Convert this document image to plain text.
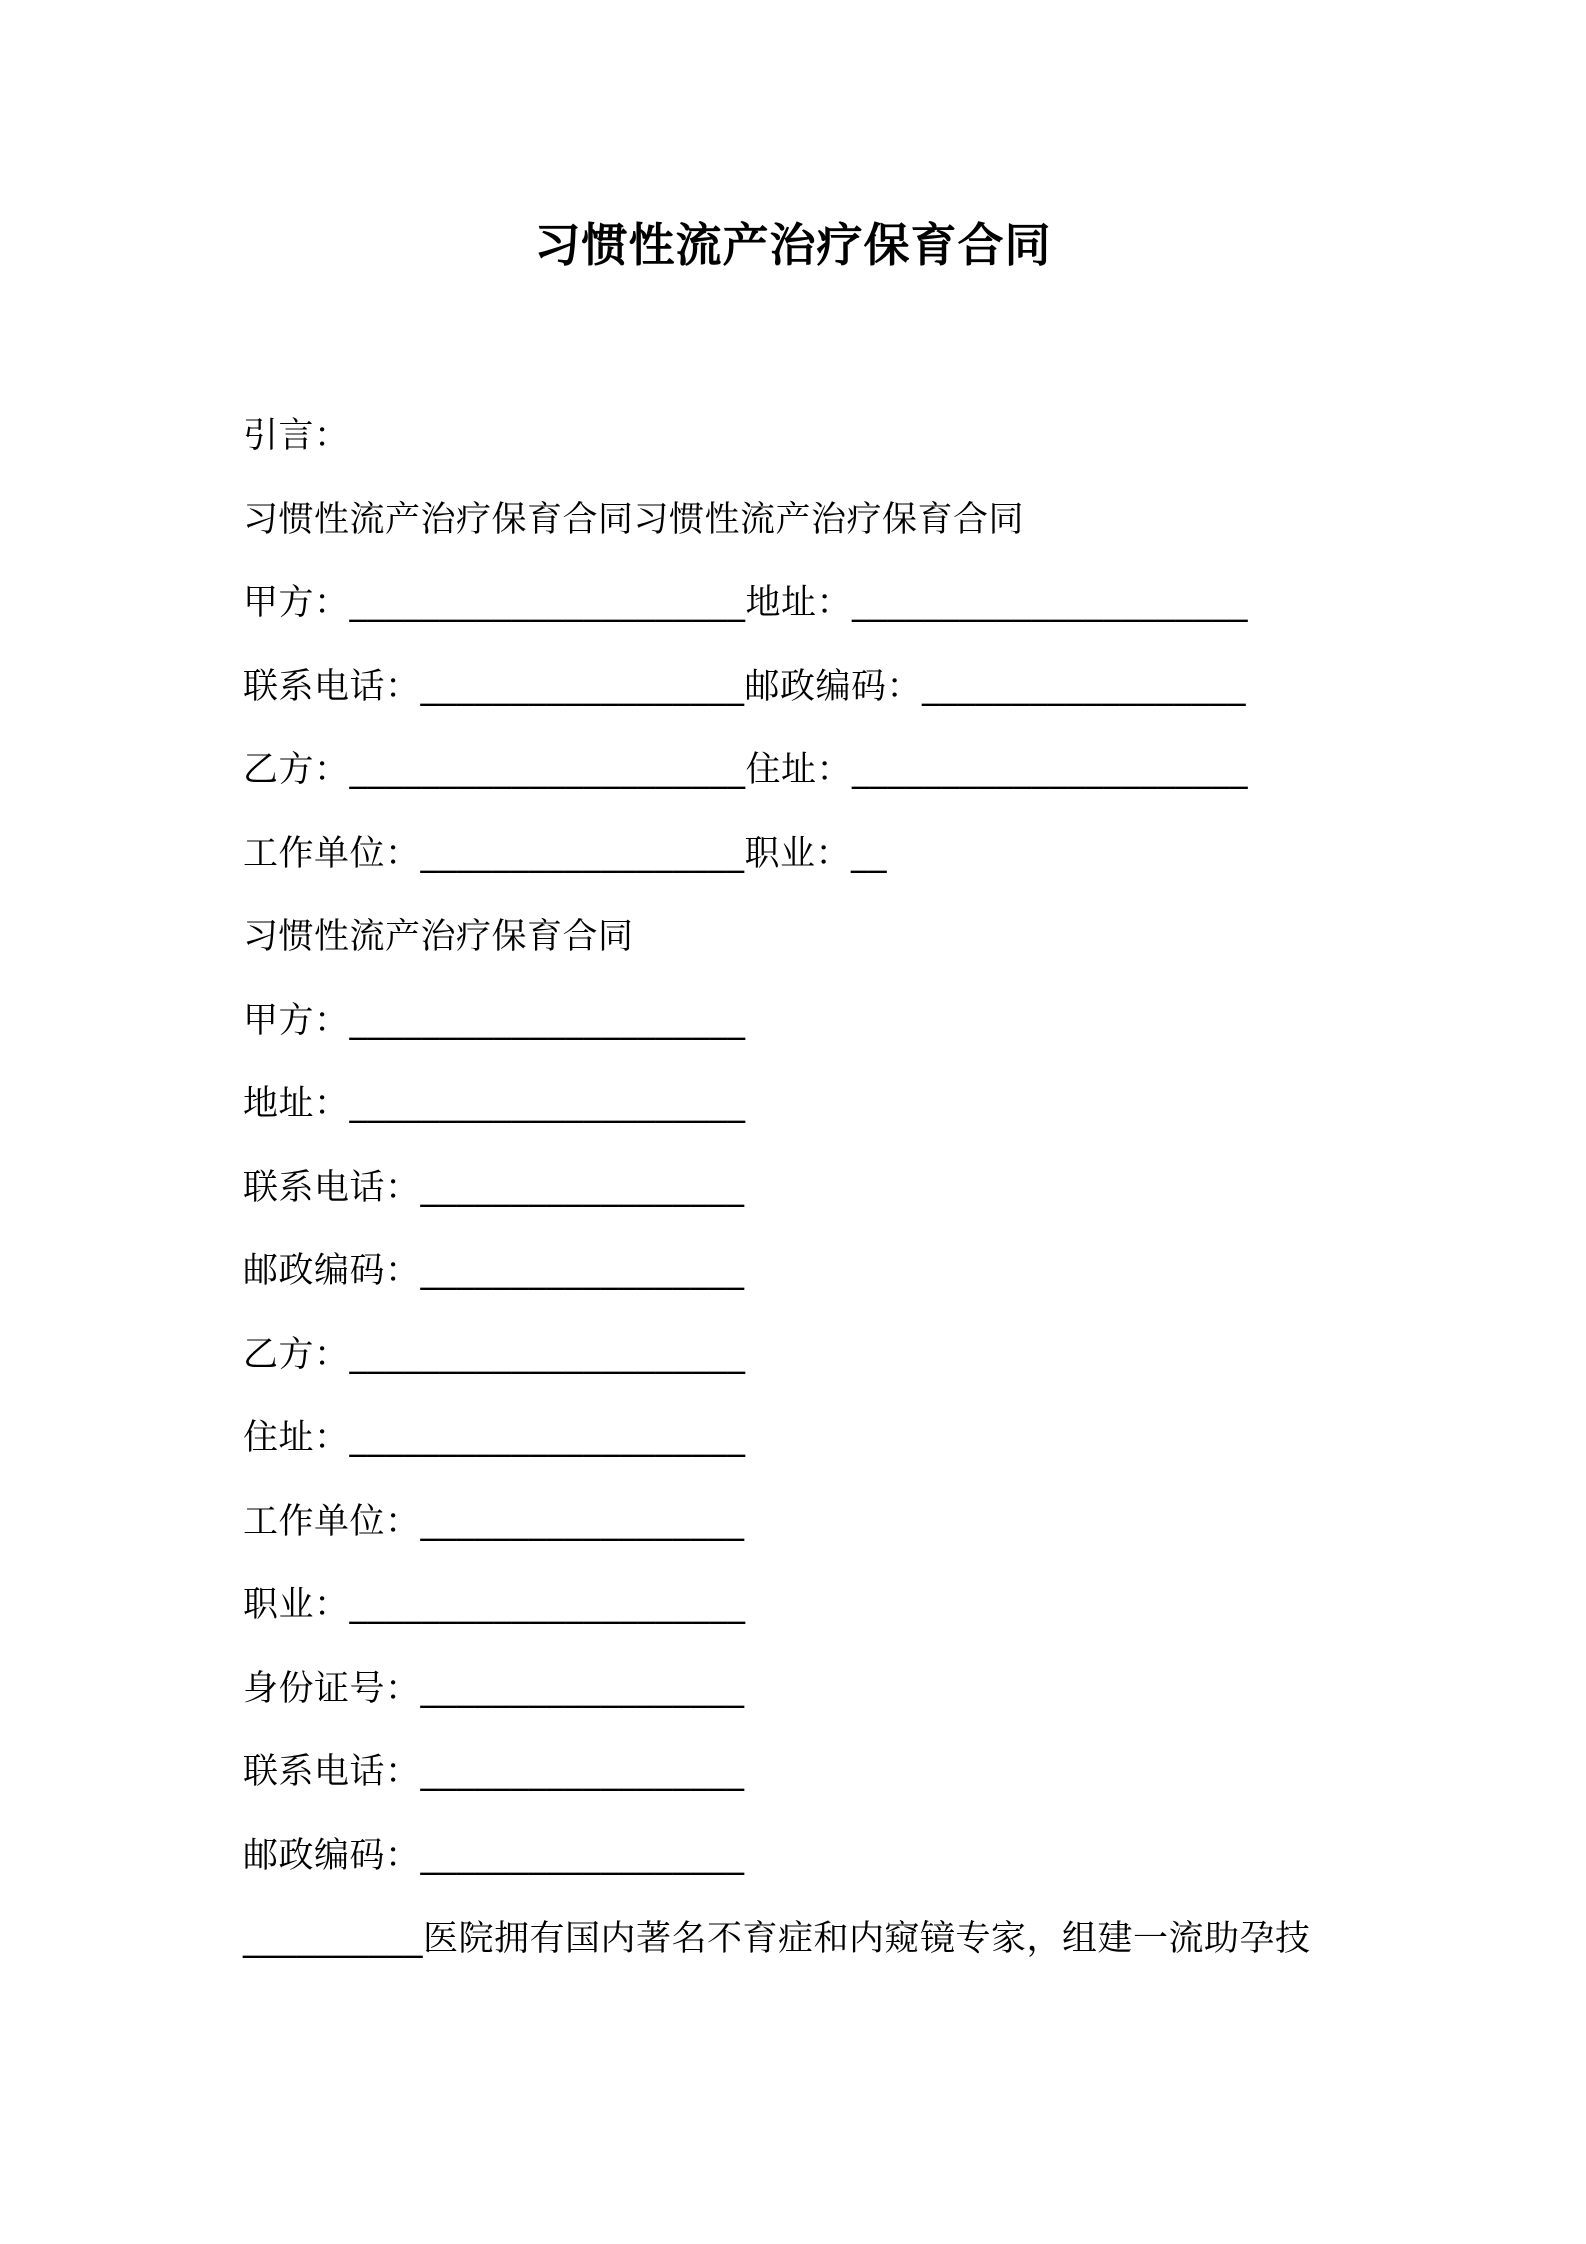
习惯性流产治疗保育合同
引言：
习惯性流产治疗保育合同习惯性流产治疗保育合同
甲方：______________________地址：______________________
联系电话：__________________邮政编码：__________________
乙方：______________________住址：______________________
工作单位：__________________职业：__
习惯性流产治疗保育合同
甲方：______________________
地址：______________________
联系电话：__________________
邮政编码：__________________
乙方：______________________
住址：______________________
工作单位：__________________
职业：______________________
身份证号：__________________
联系电话：__________________
邮政编码：__________________
__________医院拥有国内著名不育症和内窥镜专家，组建一流助孕技
